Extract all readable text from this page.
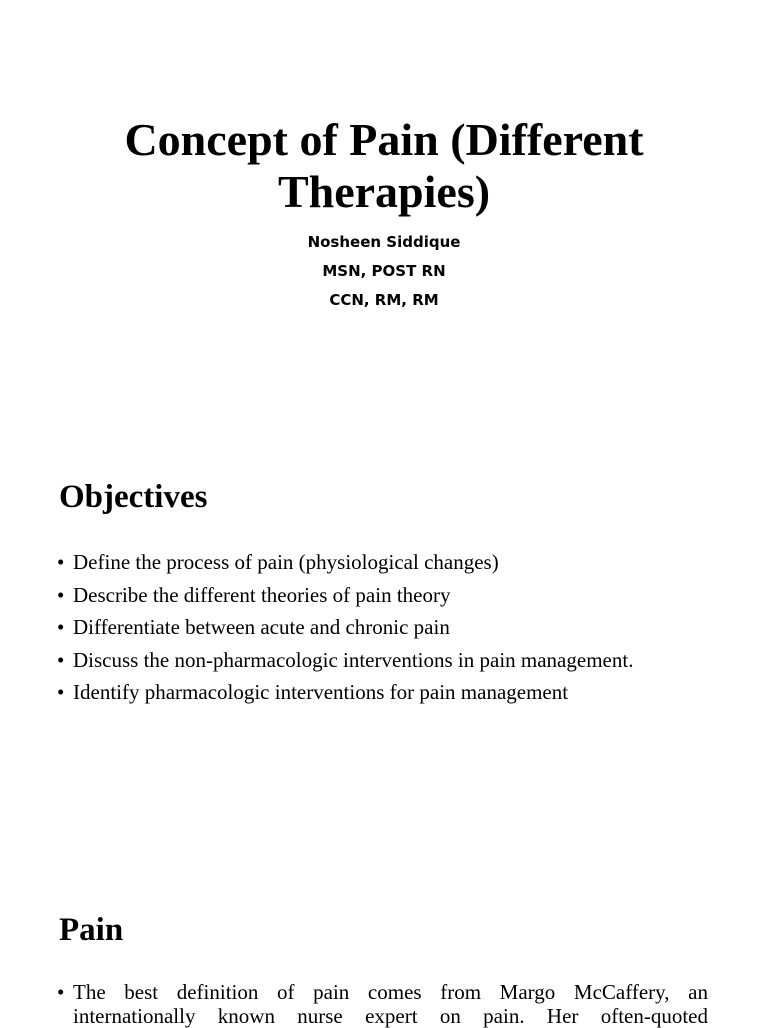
Concept of Pain (Different
Therapies)
Nosheen Siddique
MSN, POST RN
CCN, RM, RM
Objectives
• Define the process of pain (physiological changes)
• Describe the different theories of pain theory
• Differentiate between acute and chronic pain
• Discuss the non-pharmacologic interventions in pain management.
• Identify pharmacologic interventions for pain management
Pain
• The best definition of pain comes from Margo McCaffery, an
internationally known nurse expert on pain. Her often-quoted
